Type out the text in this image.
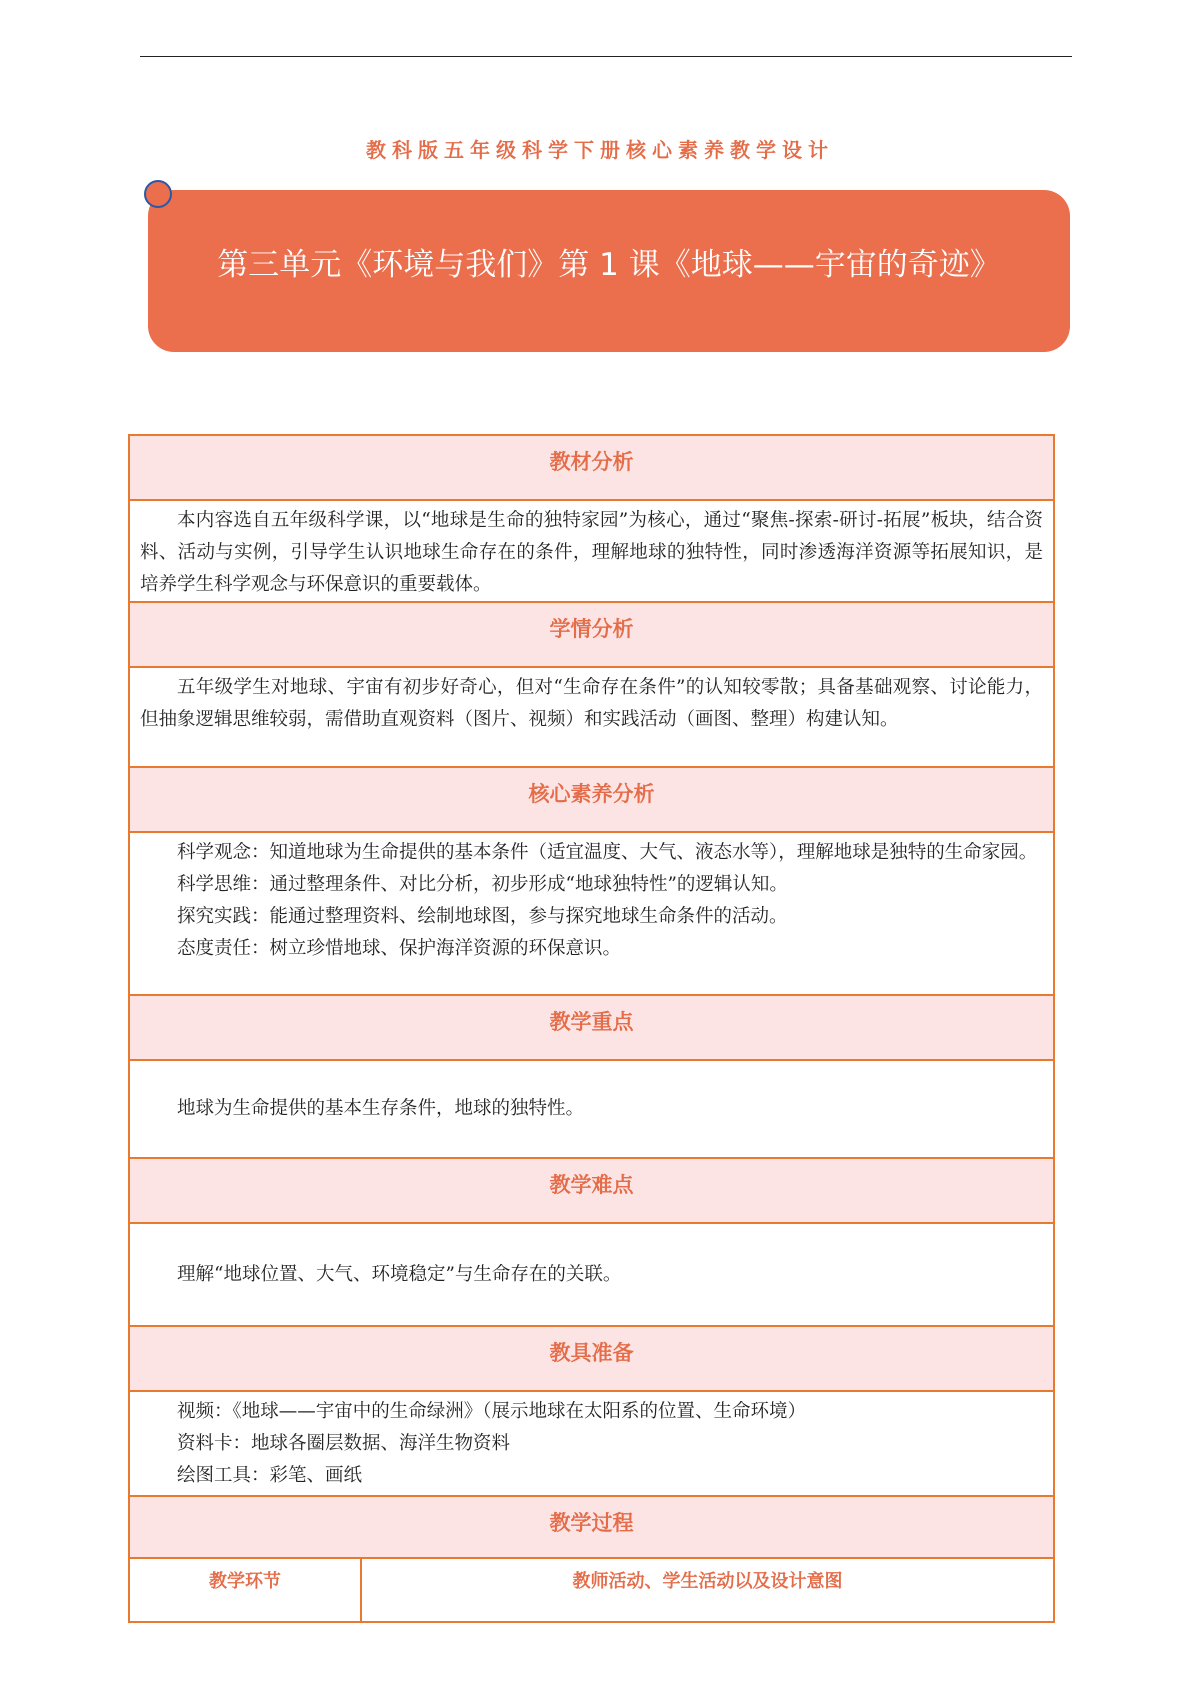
教科版五年级科学下册核心素养教学设计
第三单元《环境与我们》第 1 课《地球——宇宙的奇迹》
教材分析

本内容选自五年级科学课，以“地球是生命的独特家园”为核心，通过“聚焦-探索-研讨-拓展”板块，结合资料、活动与实例，引导学生认识地球生命存在的条件，理解地球的独特性，同时渗透海洋资源等拓展知识，是培养学生科学观念与环保意识的重要载体。

学情分析

五年级学生对地球、宇宙有初步好奇心，但对“生命存在条件”的认知较零散；具备基础观察、讨论能力，但抽象逻辑思维较弱，需借助直观资料（图片、视频）和实践活动（画图、整理）构建认知。

核心素养分析

科学观念：知道地球为生命提供的基本条件（适宜温度、大气、液态水等），理解地球是独特的生命家园。

科学思维：通过整理条件、对比分析，初步形成“地球独特性”的逻辑认知。

探究实践：能通过整理资料、绘制地球图，参与探究地球生命条件的活动。

态度责任：树立珍惜地球、保护海洋资源的环保意识。

教学重点

地球为生命提供的基本生存条件，地球的独特性。

教学难点

理解“地球位置、大气、环境稳定”与生命存在的关联。

教具准备

视频：《地球——宇宙中的生命绿洲》（展示地球在太阳系的位置、生命环境）

资料卡：地球各圈层数据、海洋生物资料

绘图工具：彩笔、画纸

教学过程
教学环节	教师活动、学生活动以及设计意图
